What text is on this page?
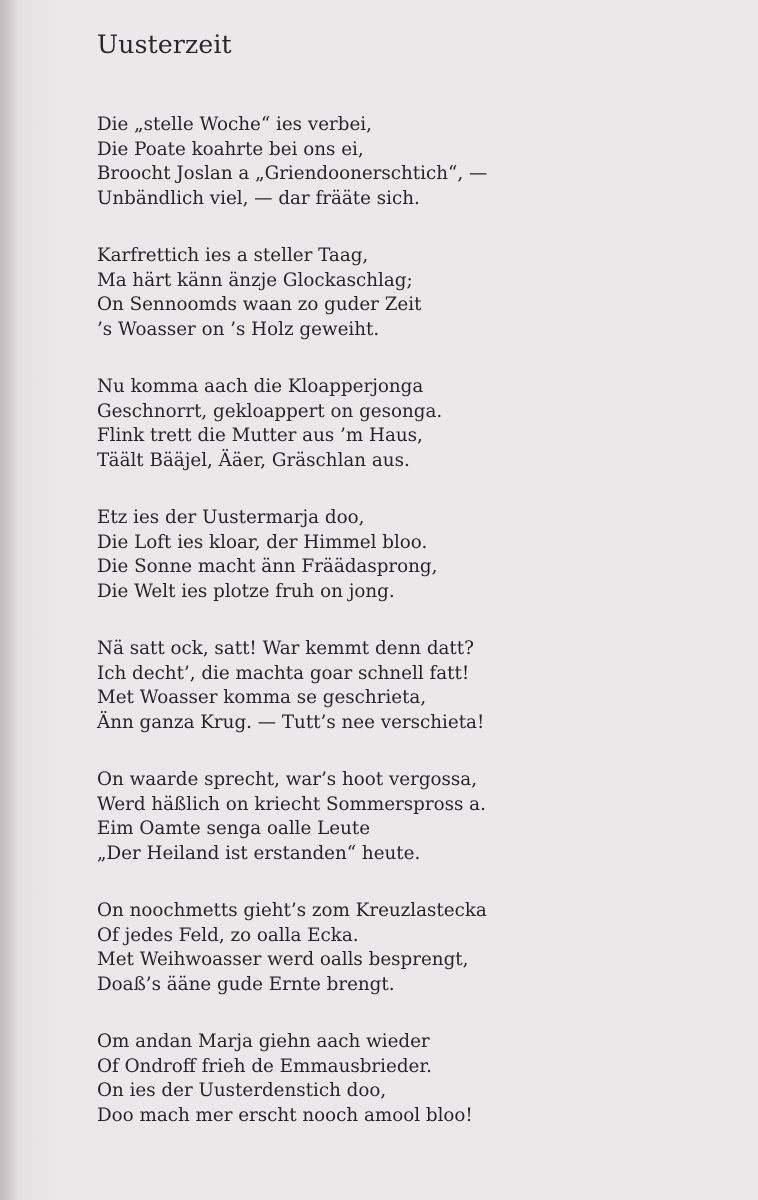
Uusterzeit
Die „stelle Woche“ ies verbei,
Die Poate koahrte bei ons ei,
Broocht Joslan a „Griendoonerschtich“, —
Unbändlich viel, — dar frääte sich.
Karfrettich ies a steller Taag,
Ma härt känn änzje Glockaschlag;
On Sennoomds waan zo guder Zeit
’s Woasser on ’s Holz geweiht.
Nu komma aach die Kloapperjonga
Geschnorrt, gekloappert on gesonga.
Flink trett die Mutter aus ’m Haus,
Täält Bääjel, Ääer, Gräschlan aus.
Etz ies der Uustermarja doo,
Die Loft ies kloar, der Himmel bloo.
Die Sonne macht änn Fräädasprong,
Die Welt ies plotze fruh on jong.
Nä satt ock, satt! War kemmt denn datt?
Ich decht’, die machta goar schnell fatt!
Met Woasser komma se geschrieta,
Änn ganza Krug. — Tutt’s nee verschieta!
On waarde sprecht, war’s hoot vergossa,
Werd häßlich on kriecht Sommerspross a.
Eim Oamte senga oalle Leute
„Der Heiland ist erstanden“ heute.
On noochmetts gieht’s zom Kreuzlastecka
Of jedes Feld, zo oalla Ecka.
Met Weihwoasser werd oalls besprengt,
Doaß’s ääne gude Ernte brengt.
Om andan Marja giehn aach wieder
Of Ondroff frieh de Emmausbrieder.
On ies der Uusterdenstich doo,
Doo mach mer erscht nooch amool bloo!
